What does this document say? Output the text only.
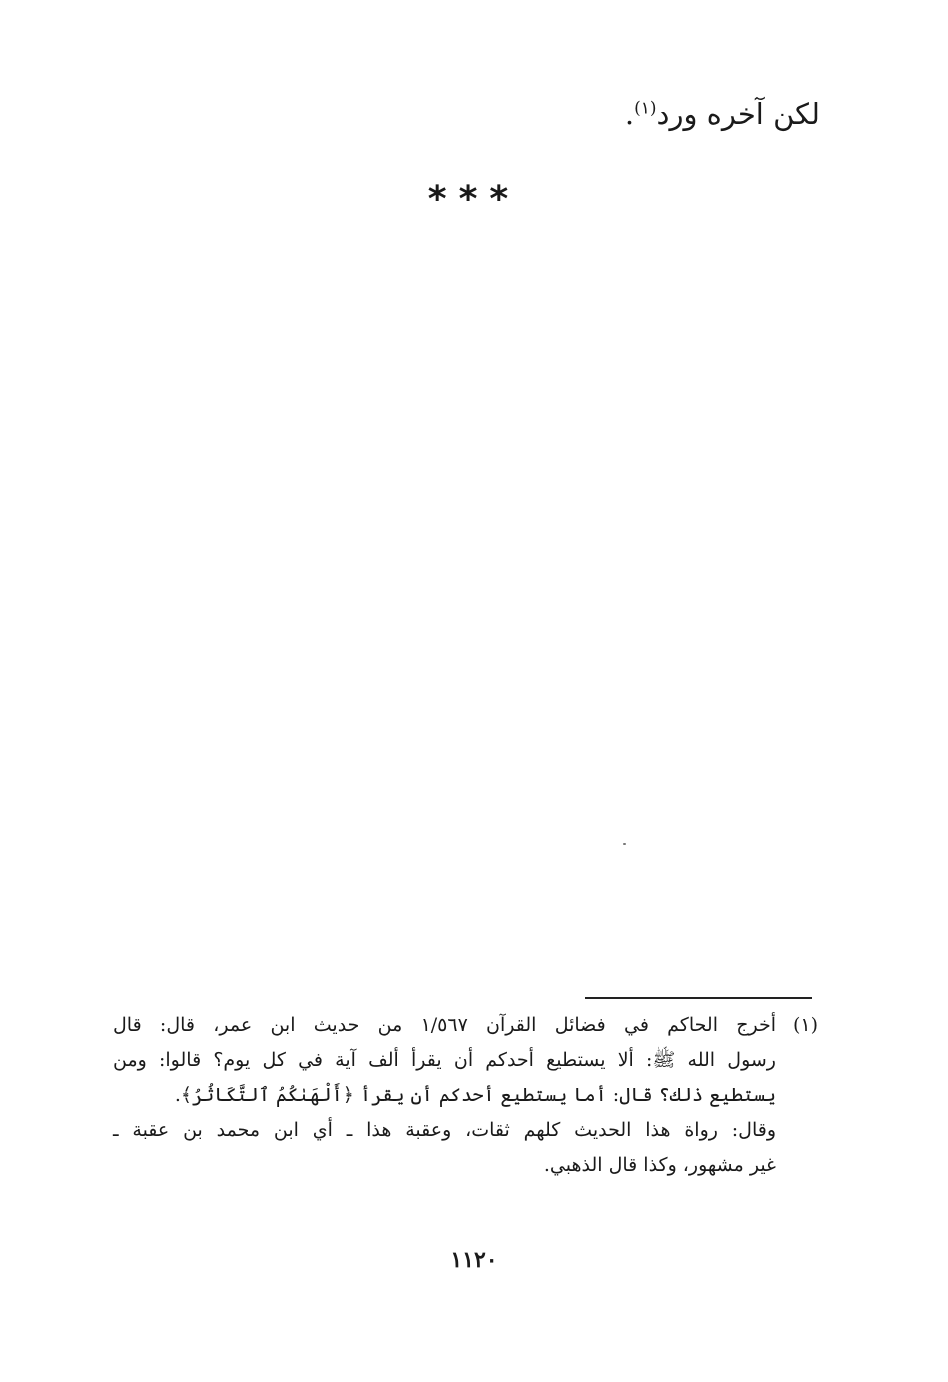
لكن آخره ورد$^{(١)}$.
***
(١)
أخرج الحاكم في فضائل القرآن ١/٥٦٧ من حديث ابن عمر، قال: قال
رسول الله ﷺ: ألا يستطيع أحدكم أن يقرأ ألف آية في كل يوم؟ قالوا: ومن
يستطيع ذلك؟ قال: أما يستطيع أحدكم أن يقرأ ﴿أَلْهَىٰكُمُ ٱلتَّكَاثُرُ﴾.
وقال: رواة هذا الحديث كلهم ثقات، وعقبة هذا ـ أي ابن محمد بن عقبة ـ
غير مشهور، وكذا قال الذهبي.
١١٢٠
